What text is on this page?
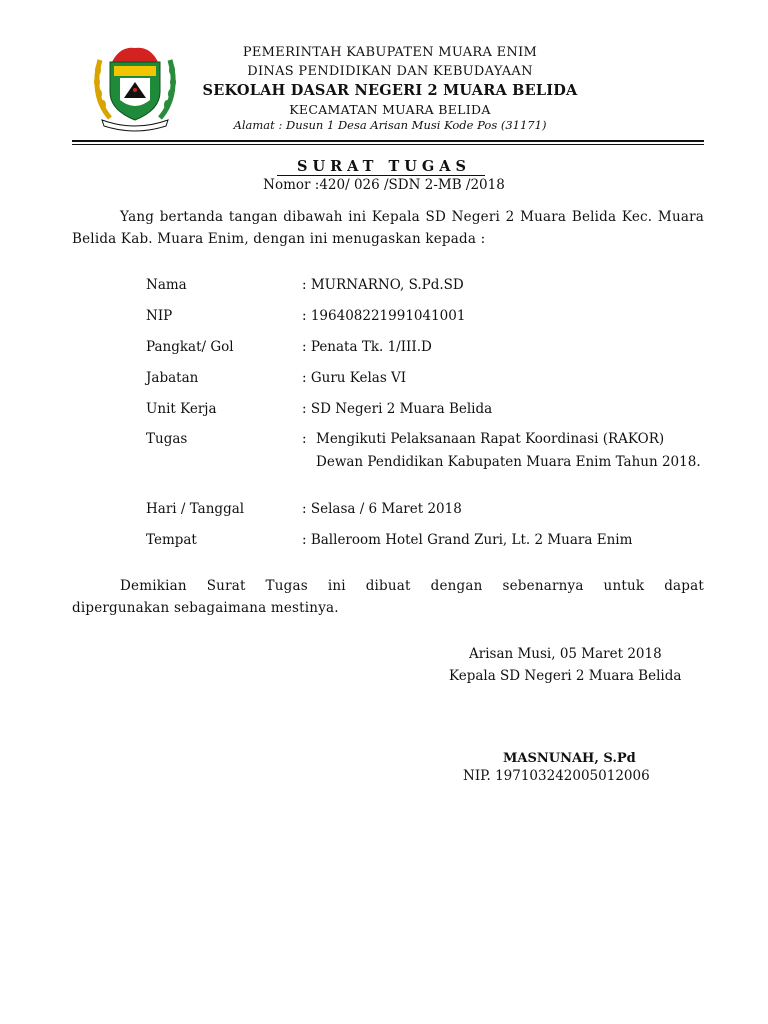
PEMERINTAH KABUPATEN MUARA ENIM
DINAS PENDIDIKAN DAN KEBUDAYAAN
SEKOLAH DASAR NEGERI 2 MUARA BELIDA
KECAMATAN MUARA BELIDA
Alamat : Dusun 1 Desa Arisan Musi Kode Pos (31171)
SURAT TUGAS
Nomor :420/ 026 /SDN 2-MB /2018
Yang bertanda tangan dibawah ini Kepala SD Negeri 2 Muara Belida Kec. Muara Belida Kab. Muara Enim, dengan ini menugaskan kepada :
Nama	: MURNARNO, S.Pd.SD
NIP	: 196408221991041001
Pangkat/ Gol	: Penata Tk. 1/III.D
Jabatan	: Guru Kelas VI
Unit Kerja	: SD Negeri 2 Muara Belida
Tugas	: Mengikuti Pelaksanaan Rapat Koordinasi (RAKOR) Dewan Pendidikan Kabupaten Muara Enim Tahun 2018.
Hari / Tanggal	: Selasa / 6 Maret 2018
Tempat	: Balleroom Hotel Grand Zuri, Lt. 2 Muara Enim
Demikian Surat Tugas ini dibuat dengan sebenarnya untuk dapat
dipergunakan sebagaimana mestinya.
Arisan Musi, 05 Maret 2018
Kepala SD Negeri 2 Muara Belida
MASNUNAH, S.Pd
NIP. 197103242005012006
